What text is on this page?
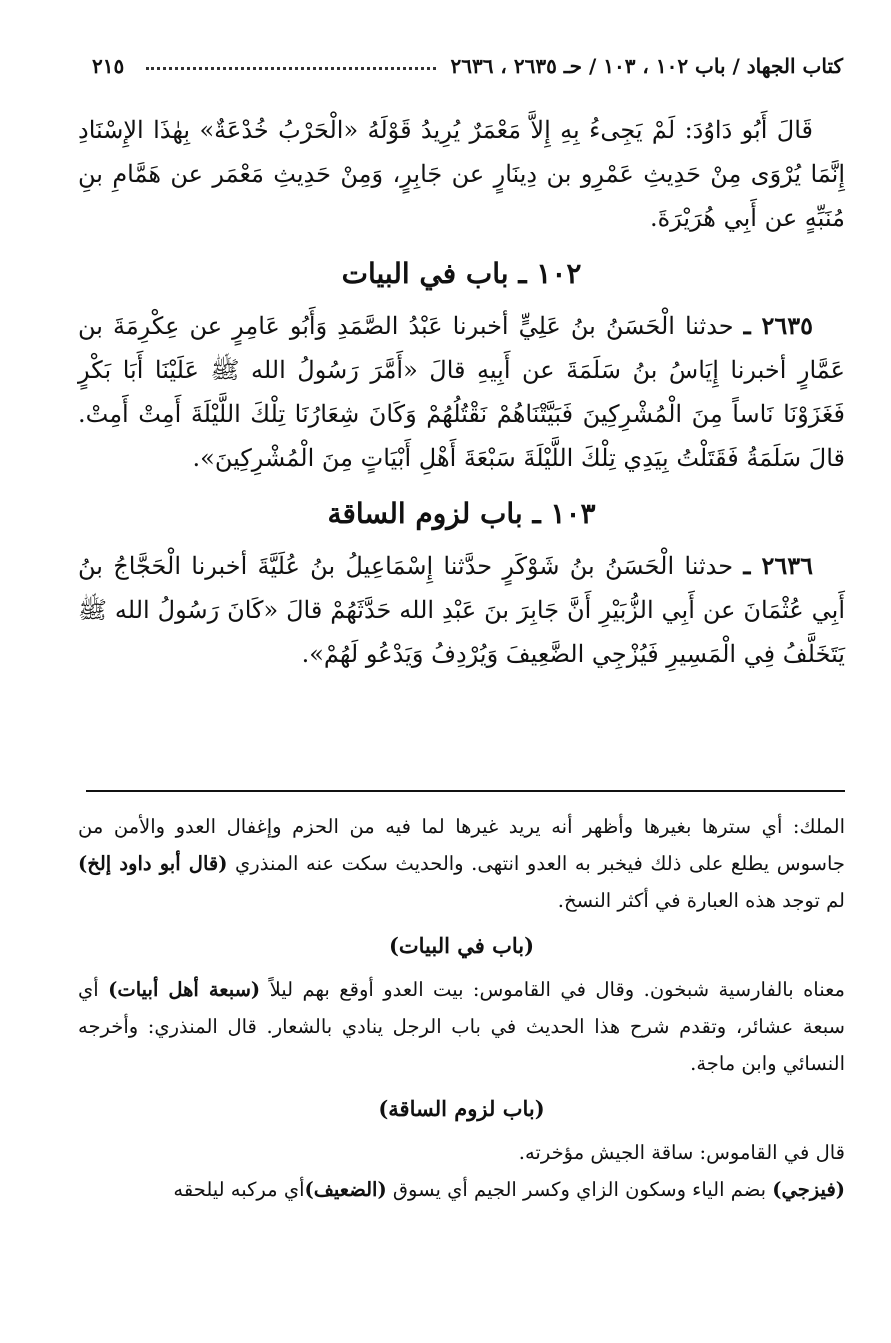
كتاب الجهاد / باب ١٠٢ ، ١٠٣ / حـ ٢٦٣٥ ، ٢٦٣٦
٢١٥

قَالَ أَبُو دَاوُدَ: لَمْ يَجِىءُ بِهِ إِلاَّ مَعْمَرٌ يُرِيدُ قَوْلَهُ «الْحَرْبُ خُدْعَةٌ» بِهٰذَا الإِسْنَادِ إِنَّمَا يُرْوَى مِنْ حَدِيثِ عَمْرِو بن دِينَارٍ عن جَابِرٍ، وَمِنْ حَدِيثِ مَعْمَر عن هَمَّامِ بنِ مُنَبِّهٍ عن أَبِي هُرَيْرَةَ.

١٠٢ ـ باب في البيات

٢٦٣٥ ـ حدثنا الْحَسَنُ بنُ عَلِيٍّ أخبرنا عَبْدُ الصَّمَدِ وَأَبُو عَامِرٍ عن عِكْرِمَةَ بن عَمَّارٍ أخبرنا إِيَاسُ بنُ سَلَمَةَ عن أَبِيهِ قالَ «أَمَّرَ رَسُولُ الله ﷺ عَلَيْنَا أَبَا بَكْرٍ فَغَزَوْنَا نَاساً مِنَ الْمُشْرِكِينَ فَبَيَّتْنَاهُمْ نَقْتُلُهُمْ وَكَانَ شِعَارُنَا تِلْكَ اللَّيْلَةَ أَمِتْ أَمِتْ. قالَ سَلَمَةُ فَقَتَلْتُ بِيَدِي تِلْكَ اللَّيْلَةَ سَبْعَةَ أَهْلِ أَبْيَاتٍ مِنَ الْمُشْرِكِينَ».

١٠٣ ـ باب لزوم الساقة

٢٦٣٦ ـ حدثنا الْحَسَنُ بنُ شَوْكَرٍ حدَّثنا إِسْمَاعِيلُ بنُ عُلَيَّةَ أخبرنا الْحَجَّاجُ بنُ أَبِي عُثْمَانَ عن أَبِي الزُّبَيْرِ أَنَّ جَابِرَ بنَ عَبْدِ الله حَدَّثَهُمْ قالَ «كَانَ رَسُولُ الله ﷺ يَتَخَلَّفُ فِي الْمَسِيرِ فَيُزْجِي الضَّعِيفَ وَيُرْدِفُ وَيَدْعُو لَهُمْ».

الملك: أي سترها بغيرها وأظهر أنه يريد غيرها لما فيه من الحزم وإغفال العدو والأمن من جاسوس يطلع على ذلك فيخبر به العدو انتهى. والحديث سكت عنه المنذري (قال أبو داود إلخ) لم توجد هذه العبارة في أكثر النسخ.

(باب في البيات)

معناه بالفارسية شبخون. وقال في القاموس: بيت العدو أوقع بهم ليلاً (سبعة أهل أبيات) أي سبعة عشائر، وتقدم شرح هذا الحديث في باب الرجل ينادي بالشعار. قال المنذري: وأخرجه النسائي وابن ماجة.

(باب لزوم الساقة)

قال في القاموس: ساقة الجيش مؤخرته.

(فيزجي) بضم الياء وسكون الزاي وكسر الجيم أي يسوق (الضعيف)أي مركبه ليلحقه
